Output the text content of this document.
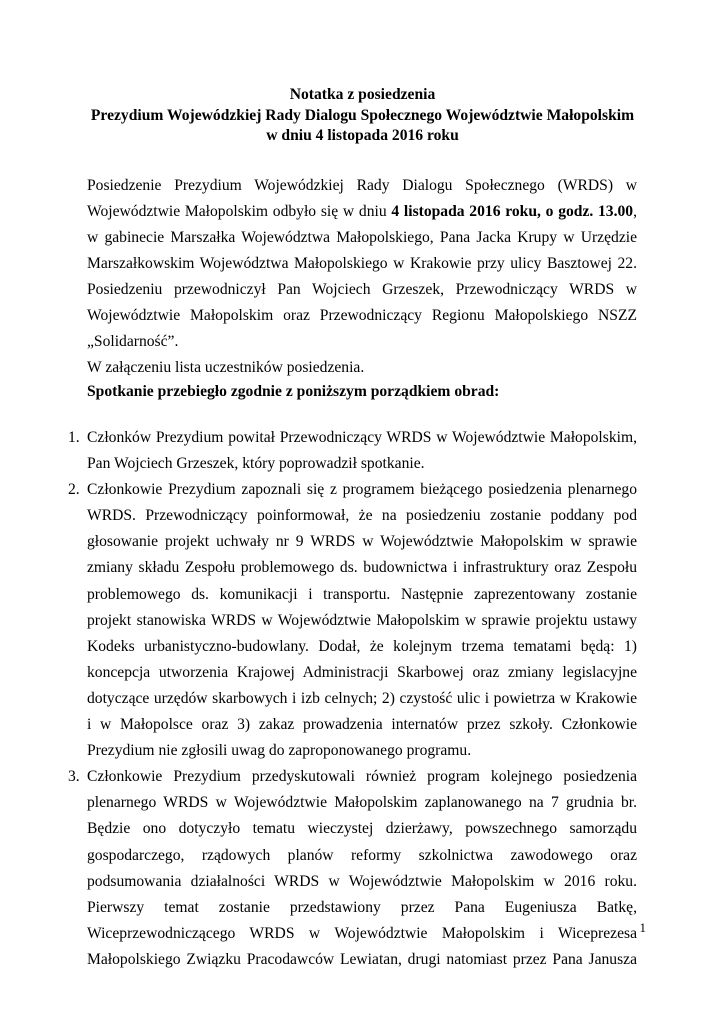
Notatka z posiedzenia
Prezydium Wojewódzkiej Rady Dialogu Społecznego Województwie Małopolskim
w dniu 4 listopada 2016 roku

Posiedzenie Prezydium Wojewódzkiej Rady Dialogu Społecznego (WRDS) w Województwie Małopolskim odbyło się w dniu 4 listopada 2016 roku, o godz. 13.00, w gabinecie Marszałka Województwa Małopolskiego, Pana Jacka Krupy w Urzędzie Marszałkowskim Województwa Małopolskiego w Krakowie przy ulicy Basztowej 22. Posiedzeniu przewodniczył Pan Wojciech Grzeszek, Przewodniczący WRDS w Województwie Małopolskim oraz Przewodniczący Regionu Małopolskiego NSZZ „Solidarność”.

W załączeniu lista uczestników posiedzenia.

Spotkanie przebiegło zgodnie z poniższym porządkiem obrad:
1. Członków Prezydium powitał Przewodniczący WRDS w Województwie Małopolskim, Pan Wojciech Grzeszek, który poprowadził spotkanie.
2. Członkowie Prezydium zapoznali się z programem bieżącego posiedzenia plenarnego WRDS. Przewodniczący poinformował, że na posiedzeniu zostanie poddany pod głosowanie projekt uchwały nr 9 WRDS w Województwie Małopolskim w sprawie zmiany składu Zespołu problemowego ds. budownictwa i infrastruktury oraz Zespołu problemowego ds. komunikacji i transportu. Następnie zaprezentowany zostanie projekt stanowiska WRDS w Województwie Małopolskim w sprawie projektu ustawy Kodeks urbanistyczno-budowlany. Dodał, że kolejnym trzema tematami będą: 1) koncepcja utworzenia Krajowej Administracji Skarbowej oraz zmiany legislacyjne dotyczące urzędów skarbowych i izb celnych; 2) czystość ulic i powietrza w Krakowie i w Małopolsce oraz 3) zakaz prowadzenia internatów przez szkoły. Członkowie Prezydium nie zgłosili uwag do zaproponowanego programu.
3. Członkowie Prezydium przedyskutowali również program kolejnego posiedzenia plenarnego WRDS w Województwie Małopolskim zaplanowanego na 7 grudnia br. Będzie ono dotyczyło tematu wieczystej dzierżawy, powszechnego samorządu gospodarczego, rządowych planów reformy szkolnictwa zawodowego oraz podsumowania działalności WRDS w Województwie Małopolskim w 2016 roku. Pierwszy temat zostanie przedstawiony przez Pana Eugeniusza Batkę, Wiceprzewodniczącego WRDS w Województwie Małopolskim i Wiceprezesa Małopolskiego Związku Pracodawców Lewiatan, drugi natomiast przez Pana Janusza
1
